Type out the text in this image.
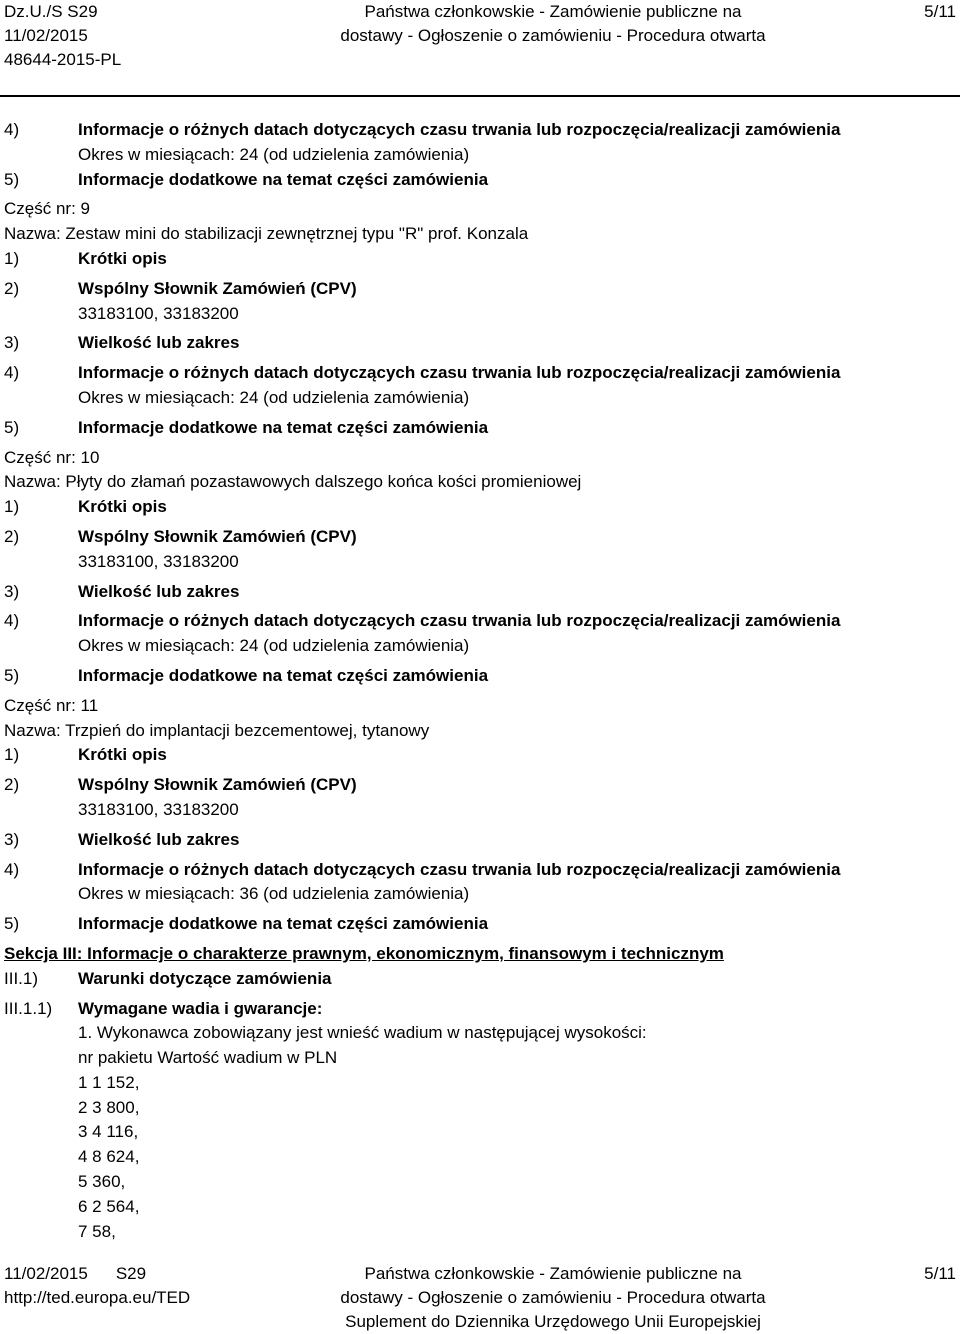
Dz.U./S S29
11/02/2015
48644-2015-PL
Państwa członkowskie - Zamówienie publiczne na
dostawy - Ogłoszenie o zamówieniu - Procedura otwarta
5/11
4)	Informacje o różnych datach dotyczących czasu trwania lub rozpoczęcia/realizacji zamówienia
Okres w miesiącach: 24 (od udzielenia zamówienia)
5)	Informacje dodatkowe na temat części zamówienia
Część nr: 9
Nazwa: Zestaw mini do stabilizacji zewnętrznej typu "R" prof. Konzala
1)	Krótki opis
2)	Wspólny Słownik Zamówień (CPV)
33183100, 33183200
3)	Wielkość lub zakres
4)	Informacje o różnych datach dotyczących czasu trwania lub rozpoczęcia/realizacji zamówienia
Okres w miesiącach: 24 (od udzielenia zamówienia)
5)	Informacje dodatkowe na temat części zamówienia
Część nr: 10
Nazwa: Płyty do złamań pozastawowych dalszego końca kości promieniowej
1)	Krótki opis
2)	Wspólny Słownik Zamówień (CPV)
33183100, 33183200
3)	Wielkość lub zakres
4)	Informacje o różnych datach dotyczących czasu trwania lub rozpoczęcia/realizacji zamówienia
Okres w miesiącach: 24 (od udzielenia zamówienia)
5)	Informacje dodatkowe na temat części zamówienia
Część nr: 11
Nazwa: Trzpień do implantacji bezcementowej, tytanowy
1)	Krótki opis
2)	Wspólny Słownik Zamówień (CPV)
33183100, 33183200
3)	Wielkość lub zakres
4)	Informacje o różnych datach dotyczących czasu trwania lub rozpoczęcia/realizacji zamówienia
Okres w miesiącach: 36 (od udzielenia zamówienia)
5)	Informacje dodatkowe na temat części zamówienia
Sekcja III: Informacje o charakterze prawnym, ekonomicznym, finansowym i technicznym
III.1) Warunki dotyczące zamówienia
III.1.1) Wymagane wadia i gwarancje:
1. Wykonawca zobowiązany jest wnieść wadium w następującej wysokości:
nr pakietu Wartość wadium w PLN
1 1 152,
2 3 800,
3 4 116,
4 8 624,
5 360,
6 2 564,
7 58,
11/02/2015 S29
http://ted.europa.eu/TED
Państwa członkowskie - Zamówienie publiczne na
dostawy - Ogłoszenie o zamówieniu - Procedura otwarta
Suplement do Dziennika Urzędowego Unii Europejskiej
5/11
